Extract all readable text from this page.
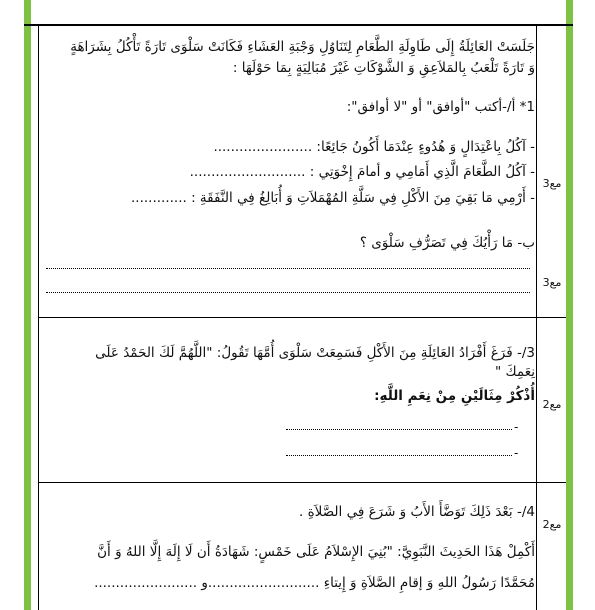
جَلَسَتْ العَائِلَةُ إِلَى طَاوِلَةِ الطَّعَامِ لِتَنَاوُلِ وَجْبَةِ العَشَاءِ فَكَانَتْ سَلْوَى تَارَةً تَأْكُلُ بِشَرَاهَةٍ
وَ تَارَةً تَلْعَبُ بِالمَلاَعِقِ وَ الشَّوْكَاتِ غَيْرَ مُبَالِيَةٍ بِمَا حَوْلَهَا :
1* أ/-أكتب "أوافق" أو "لا أوافق":
- آكُلُ بِاعْتِدَالٍ وَ هُدُوءٍ عِنْدَمَا أَكُونُ جَائِعًا: .......................
- آكُلُ الطَّعَامَ الَّذِي أَمَامِي و أمامَ إِخْوَتِي : ...........................
- أَرْمِي مَا بَقِيَ مِنَ الأَكْلِ فِي سَلَّةِ المُهْمَلاَتِ وَ أُبَالِغُ فِي النَّفَقَةِ : .............
مع3
ب- مَا رَأْيُكَ فِي تَصَرُّفِ سَلْوَى ؟
مع3
3/- فَرَغَ أَفْرَادُ العَائِلَةِ مِنَ الأَكْلِ فَسَمِعَتْ سَلْوَى أُمَّهَا تَقُولُ: "اللَّهُمَّ لَكَ الحَمْدُ عَلَى
نِعَمِكَ "
أُذْكُرْ مِثَالَيْنِ مِنْ نِعَمِ اللَّهِ:
-
-
مع2
4/- بَعْدَ ذَلِكَ تَوَضَّأَ الأَبُ وَ شَرَعَ فِي الصَّلاَةِ .
أَكْمِلْ هَذَا الحَدِيثَ النَّبَوِيَّ: "بُنِيَ الإِسْلاَمُ عَلَى خَمْسٍ: شَهَادَةُ أَن لَا إِلَهَ إِلَّا اللهُ وَ أَنَّ
مُحَمَّدًا رَسُولُ اللهِ وَ إقامِ الصَّلاَةِ وَ إِيتاءِ ..........................و ........................
مع2
